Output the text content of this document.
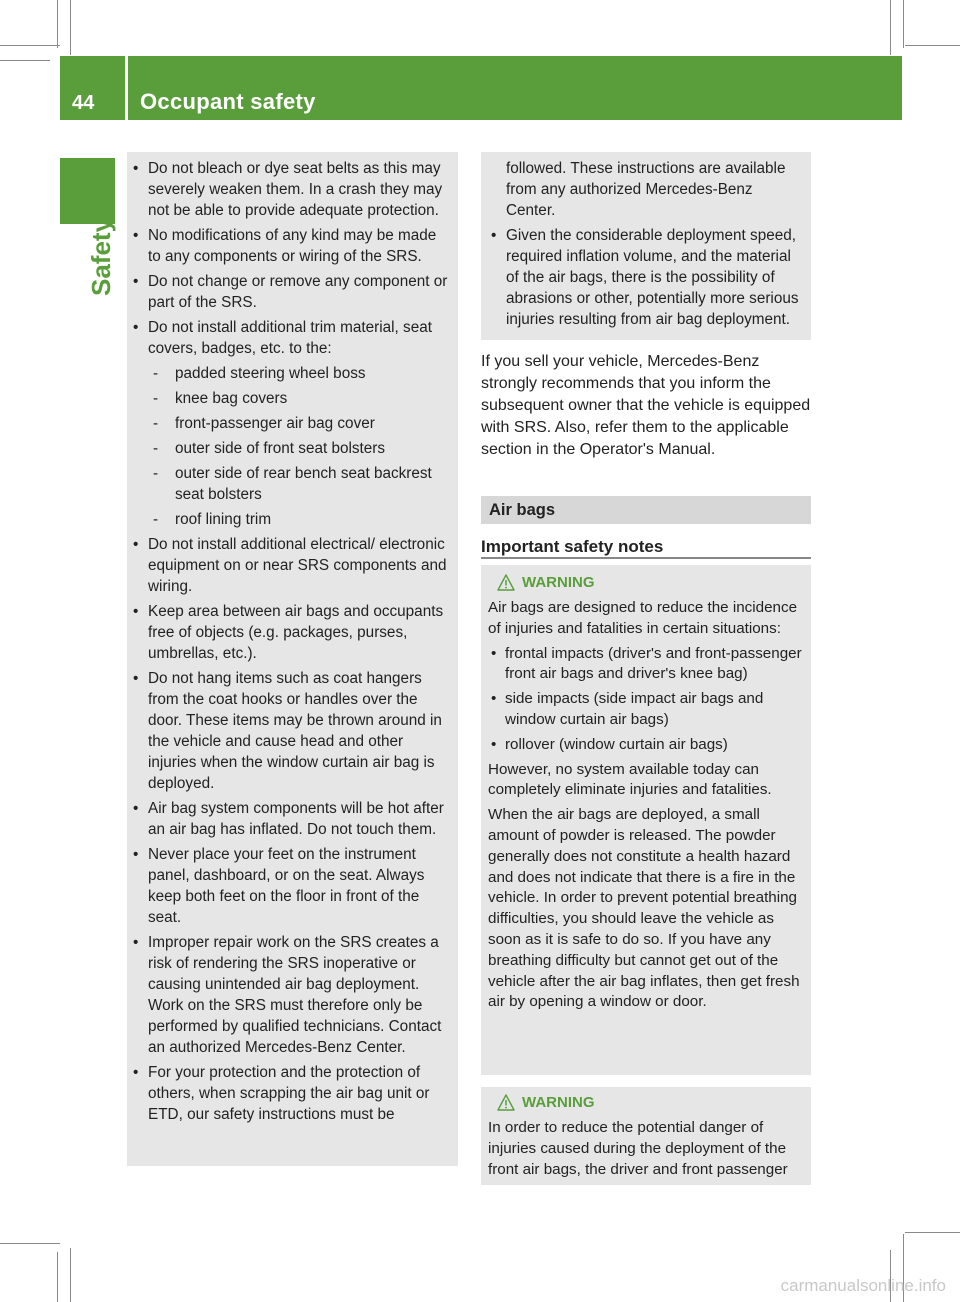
44 Occupant safety
Safety
• Do not bleach or dye seat belts as this may severely weaken them. In a crash they may not be able to provide adequate protection.
• No modifications of any kind may be made to any components or wiring of the SRS.
• Do not change or remove any component or part of the SRS.
• Do not install additional trim material, seat covers, badges, etc. to the:
- padded steering wheel boss
- knee bag covers
- front-passenger air bag cover
- outer side of front seat bolsters
- outer side of rear bench seat backrest seat bolsters
- roof lining trim
• Do not install additional electrical/ electronic equipment on or near SRS components and wiring.
• Keep area between air bags and occupants free of objects (e.g. packages, purses, umbrellas, etc.).
• Do not hang items such as coat hangers from the coat hooks or handles over the door. These items may be thrown around in the vehicle and cause head and other injuries when the window curtain air bag is deployed.
• Air bag system components will be hot after an air bag has inflated. Do not touch them.
• Never place your feet on the instrument panel, dashboard, or on the seat. Always keep both feet on the floor in front of the seat.
• Improper repair work on the SRS creates a risk of rendering the SRS inoperative or causing unintended air bag deployment. Work on the SRS must therefore only be performed by qualified technicians. Contact an authorized Mercedes-Benz Center.
• For your protection and the protection of others, when scrapping the air bag unit or ETD, our safety instructions must be
followed. These instructions are available from any authorized Mercedes-Benz Center.
• Given the considerable deployment speed, required inflation volume, and the material of the air bags, there is the possibility of abrasions or other, potentially more serious injuries resulting from air bag deployment.
If you sell your vehicle, Mercedes-Benz strongly recommends that you inform the subsequent owner that the vehicle is equipped with SRS. Also, refer them to the applicable section in the Operator's Manual.
Air bags
Important safety notes
WARNING
Air bags are designed to reduce the incidence of injuries and fatalities in certain situations:
• frontal impacts (driver's and front-passenger front air bags and driver's knee bag)
• side impacts (side impact air bags and window curtain air bags)
• rollover (window curtain air bags)
However, no system available today can completely eliminate injuries and fatalities.
When the air bags are deployed, a small amount of powder is released. The powder generally does not constitute a health hazard and does not indicate that there is a fire in the vehicle. In order to prevent potential breathing difficulties, you should leave the vehicle as soon as it is safe to do so. If you have any breathing difficulty but cannot get out of the vehicle after the air bag inflates, then get fresh air by opening a window or door.
WARNING
In order to reduce the potential danger of injuries caused during the deployment of the front air bags, the driver and front passenger
carmanualsonline.info
